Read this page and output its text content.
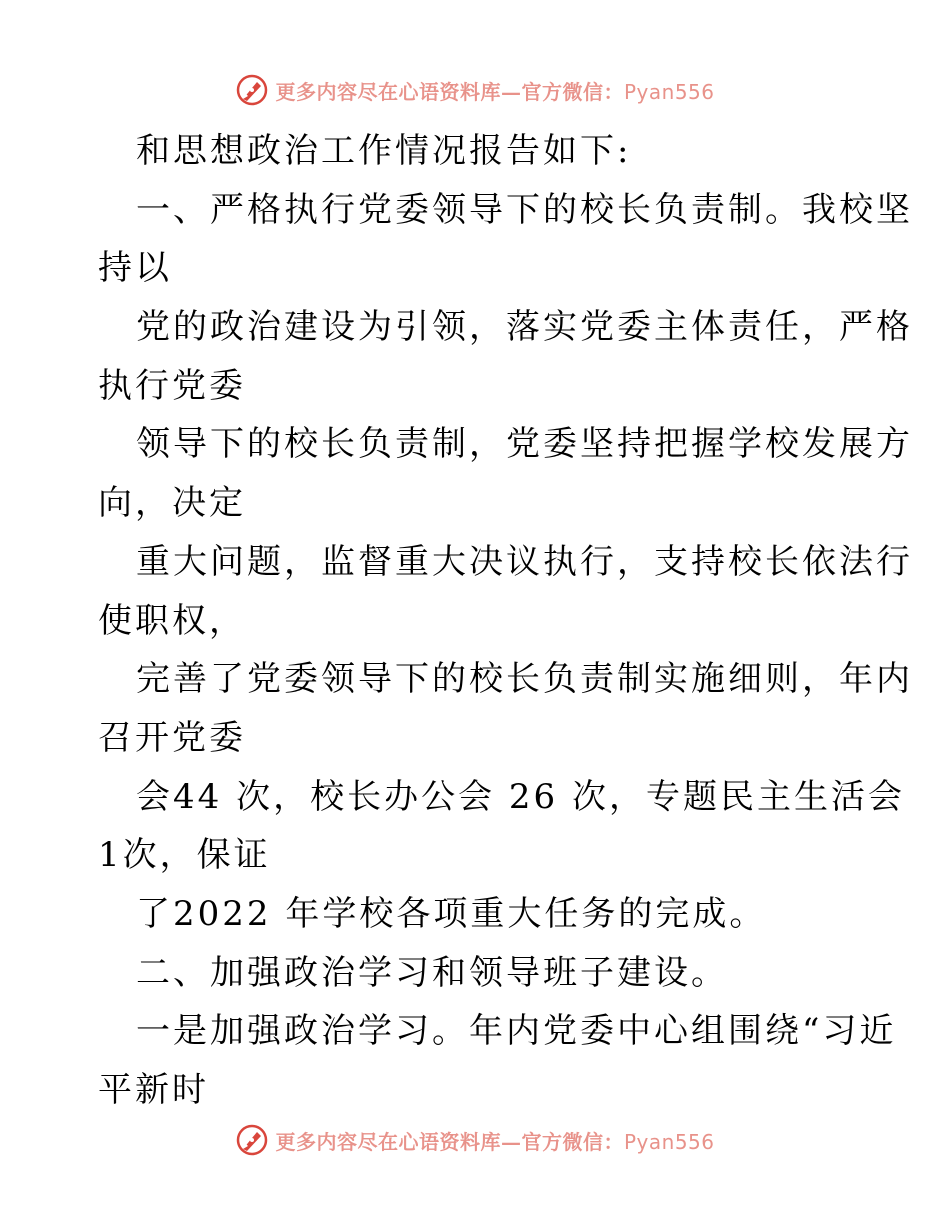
更多内容尽在心语资料库—官方微信：Pyan556
和思想政治工作情况报告如下:
一、严格执行党委领导下的校长负责制。我校坚
持以
党的政治建设为引领，落实党委主体责任，严格
执行党委
领导下的校长负责制，党委坚持把握学校发展方
向，决定
重大问题，监督重大决议执行，支持校长依法行
使职权，
完善了党委领导下的校长负责制实施细则，年内
召开党委
会44 次，校长办公会 26 次，专题民主生活会
1次，保证
了2022 年学校各项重大任务的完成。
二、加强政治学习和领导班子建设。
一是加强政治学习。年内党委中心组围绕“习近
平新时
更多内容尽在心语资料库—官方微信：Pyan556
